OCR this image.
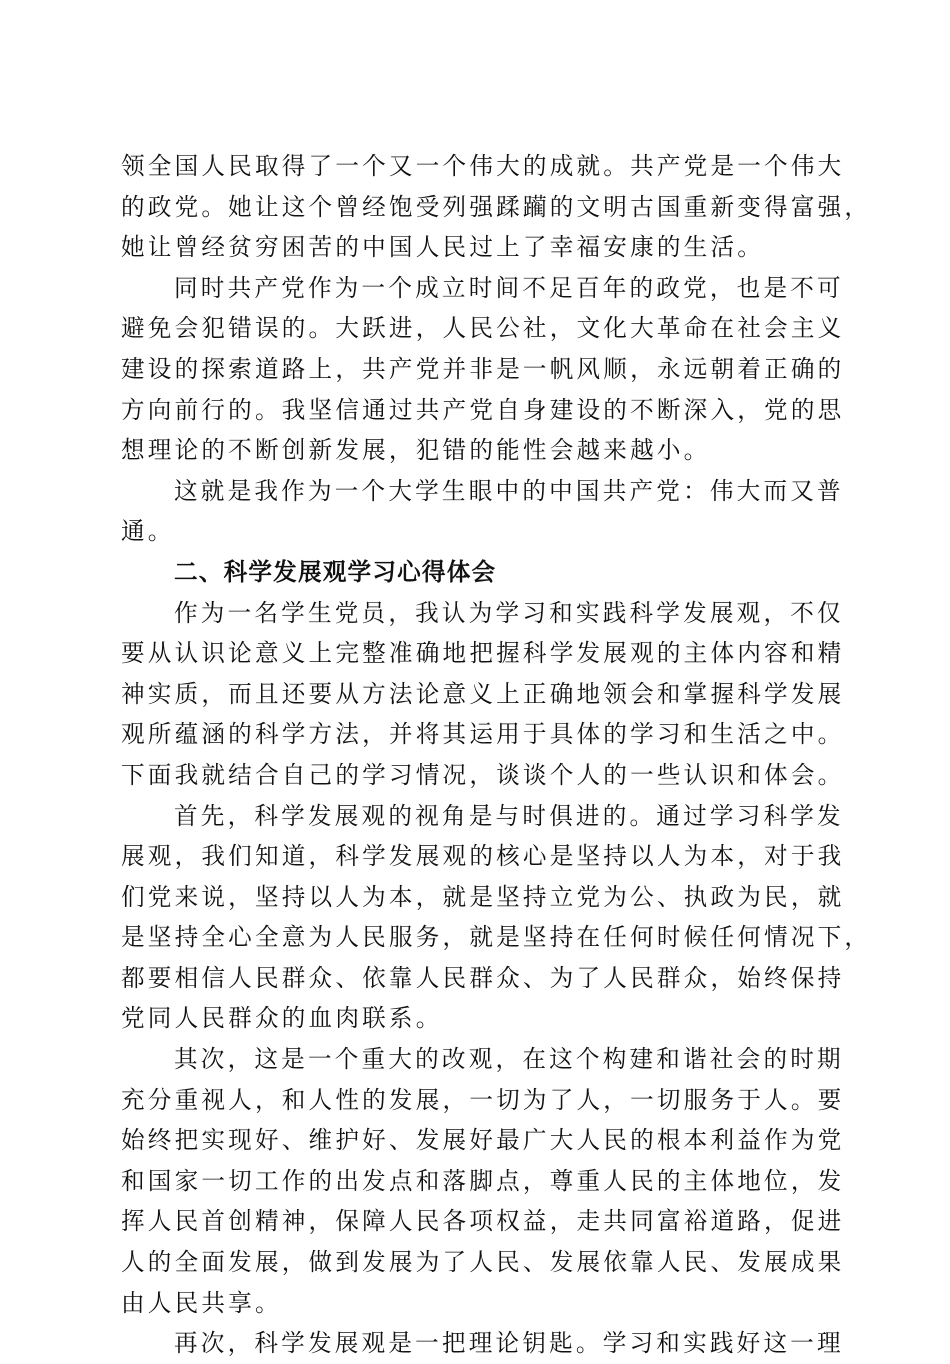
领全国人民取得了一个又一个伟大的成就。共产党是一个伟大
的政党。她让这个曾经饱受列强蹂躏的文明古国重新变得富强，
她让曾经贫穷困苦的中国人民过上了幸福安康的生活。
同时共产党作为一个成立时间不足百年的政党，也是不可
避免会犯错误的。大跃进，人民公社，文化大革命在社会主义
建设的探索道路上，共产党并非是一帆风顺，永远朝着正确的
方向前行的。我坚信通过共产党自身建设的不断深入，党的思
想理论的不断创新发展，犯错的能性会越来越小。
这就是我作为一个大学生眼中的中国共产党：伟大而又普
通。
二、科学发展观学习心得体会
作为一名学生党员，我认为学习和实践科学发展观，不仅
要从认识论意义上完整准确地把握科学发展观的主体内容和精
神实质，而且还要从方法论意义上正确地领会和掌握科学发展
观所蕴涵的科学方法，并将其运用于具体的学习和生活之中。
下面我就结合自己的学习情况，谈谈个人的一些认识和体会。
首先，科学发展观的视角是与时俱进的。通过学习科学发
展观，我们知道，科学发展观的核心是坚持以人为本，对于我
们党来说，坚持以人为本，就是坚持立党为公、执政为民，就
是坚持全心全意为人民服务，就是坚持在任何时候任何情况下，
都要相信人民群众、依靠人民群众、为了人民群众，始终保持
党同人民群众的血肉联系。
其次，这是一个重大的改观，在这个构建和谐社会的时期
充分重视人，和人性的发展，一切为了人，一切服务于人。要
始终把实现好、维护好、发展好最广大人民的根本利益作为党
和国家一切工作的出发点和落脚点，尊重人民的主体地位，发
挥人民首创精神，保障人民各项权益，走共同富裕道路，促进
人的全面发展，做到发展为了人民、发展依靠人民、发展成果
由人民共享。
再次，科学发展观是一把理论钥匙。学习和实践好这一理
